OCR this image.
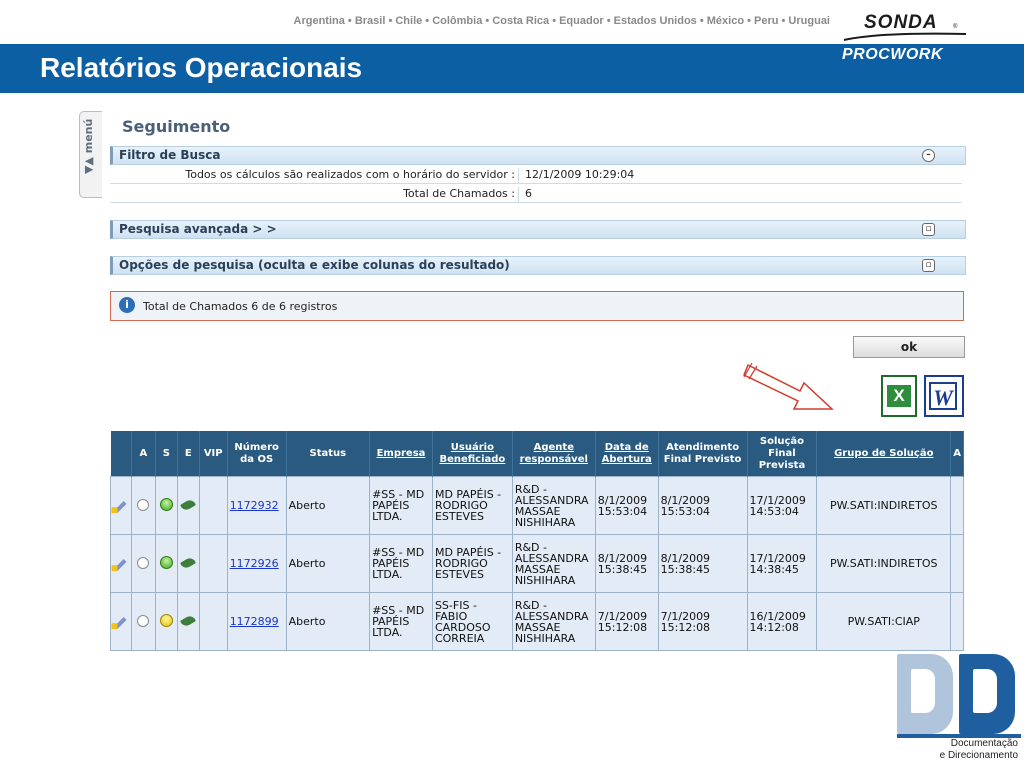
Argentina • Brasil • Chile • Colômbia • Costa Rica • Equador • Estados Unidos • México • Peru • Uruguai SONDA	®
Relatórios Operacionais	PROCWORK
▼▲ menú Seguimento
Filtro de Busca	–
Todos os cálculos são realizados com o horário do servidor : 12/1/2009 10:29:04
Total de Chamados : 6
Pesquisa avançada > >	▫
Opções de pesquisa (oculta e exibe colunas do resultado)	▫
i	Total de Chamados 6 de 6 registros
ok
X W
	A	S	E	VIP	Número da OS	Status	Empresa	Usuário Beneficiado	Agente responsável	Data de Abertura	Atendimento Final Previsto	Solução Final Prevista	Grupo de Solução	A
					1172932	Aberto	#SS - MD PAPÉIS LTDA.	MD PAPÉIS - RODRIGO ESTEVES	R&D - ALESSANDRA MASSAE NISHIHARA	8/1/2009 15:53:04	8/1/2009 15:53:04	17/1/2009 14:53:04	PW.SATI:INDIRETOS	
					1172926	Aberto	#SS - MD PAPÉIS LTDA.	MD PAPÉIS - RODRIGO ESTEVES	R&D - ALESSANDRA MASSAE NISHIHARA	8/1/2009 15:38:45	8/1/2009 15:38:45	17/1/2009 14:38:45	PW.SATI:INDIRETOS	
					1172899	Aberto	#SS - MD PAPÉIS LTDA.	SS-FIS - FABIO CARDOSO CORREIA	R&D - ALESSANDRA MASSAE NISHIHARA	7/1/2009 15:12:08	7/1/2009 15:12:08	16/1/2009 14:12:08	PW.SATI:CIAP	
Documentação
e Direcionamento
